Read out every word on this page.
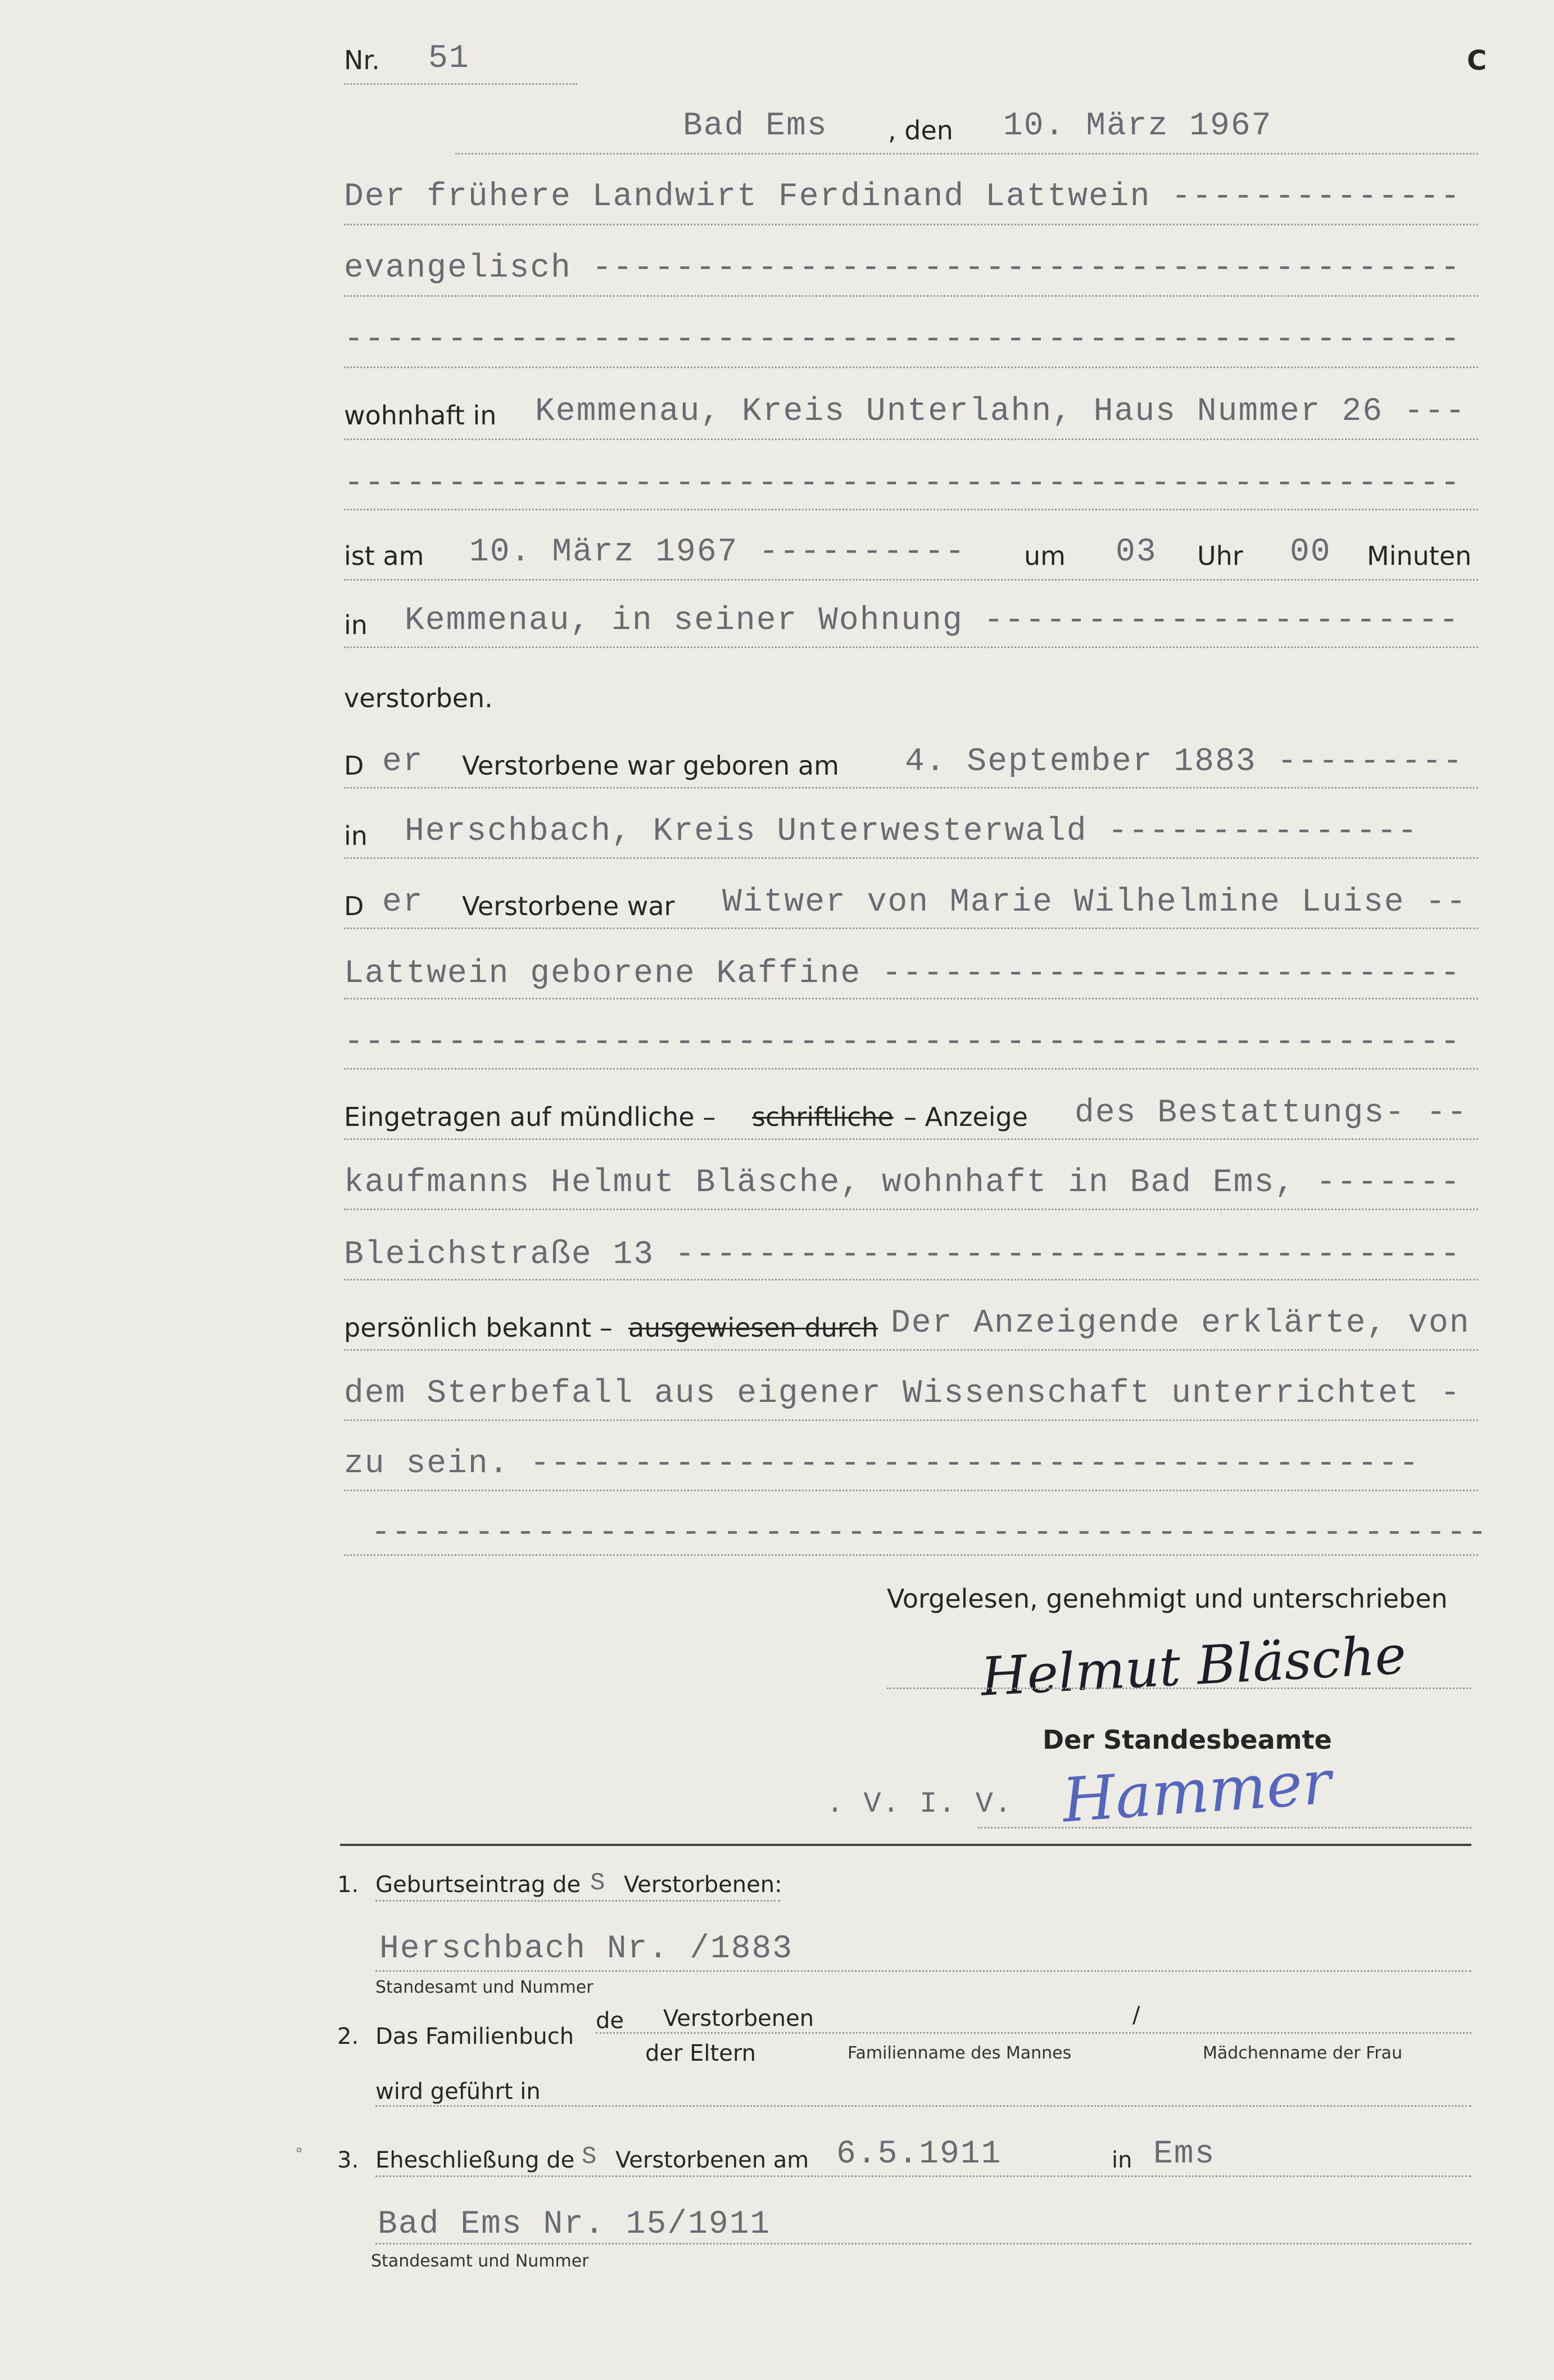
Nr. 51	C
Bad Ems , den 10. März 1967
Der frühere Landwirt Ferdinand Lattwein --------------
evangelisch ------------------------------------------
------------------------------------------------------
wohnhaft in Kemmenau, Kreis Unterlahn, Haus Nummer 26 ---
------------------------------------------------------
ist am 10. März 1967 ---------- um 03 Uhr 00 Minuten
in Kemmenau, in seiner Wohnung -----------------------
verstorben.
D er Verstorbene war geboren am 4. September 1883 ---------
in Herschbach, Kreis Unterwesterwald ---------------
D er Verstorbene war Witwer von Marie Wilhelmine Luise --
Lattwein geborene Kaffine ----------------------------
------------------------------------------------------
Eingetragen auf mündliche – schriftliche – Anzeige des Bestattungs- --
kaufmanns Helmut Bläsche, wohnhaft in Bad Ems, -------
Bleichstraße 13 --------------------------------------
persönlich bekannt – ausgewiesen durch Der Anzeigende erklärte, von
dem Sterbefall aus eigener Wissenschaft unterrichtet -
zu sein. -------------------------------------------
------------------------------------------------------
Vorgelesen, genehmigt und unterschrieben
Helmut Bläsche
Der Standesbeamte
. V. I. V. Hammer
1. Geburtseintrag de S Verstorbenen:
Herschbach Nr. /1883
Standesamt und Nummer
2. Das Familienbuch
de
der Eltern
Verstorbenen	/
Familienname des Mannes	Mädchenname der Frau
wird geführt in
° 3. Eheschließung de S Verstorbenen am 6.5.1911	in Ems
Bad Ems Nr. 15/1911
Standesamt und Nummer
